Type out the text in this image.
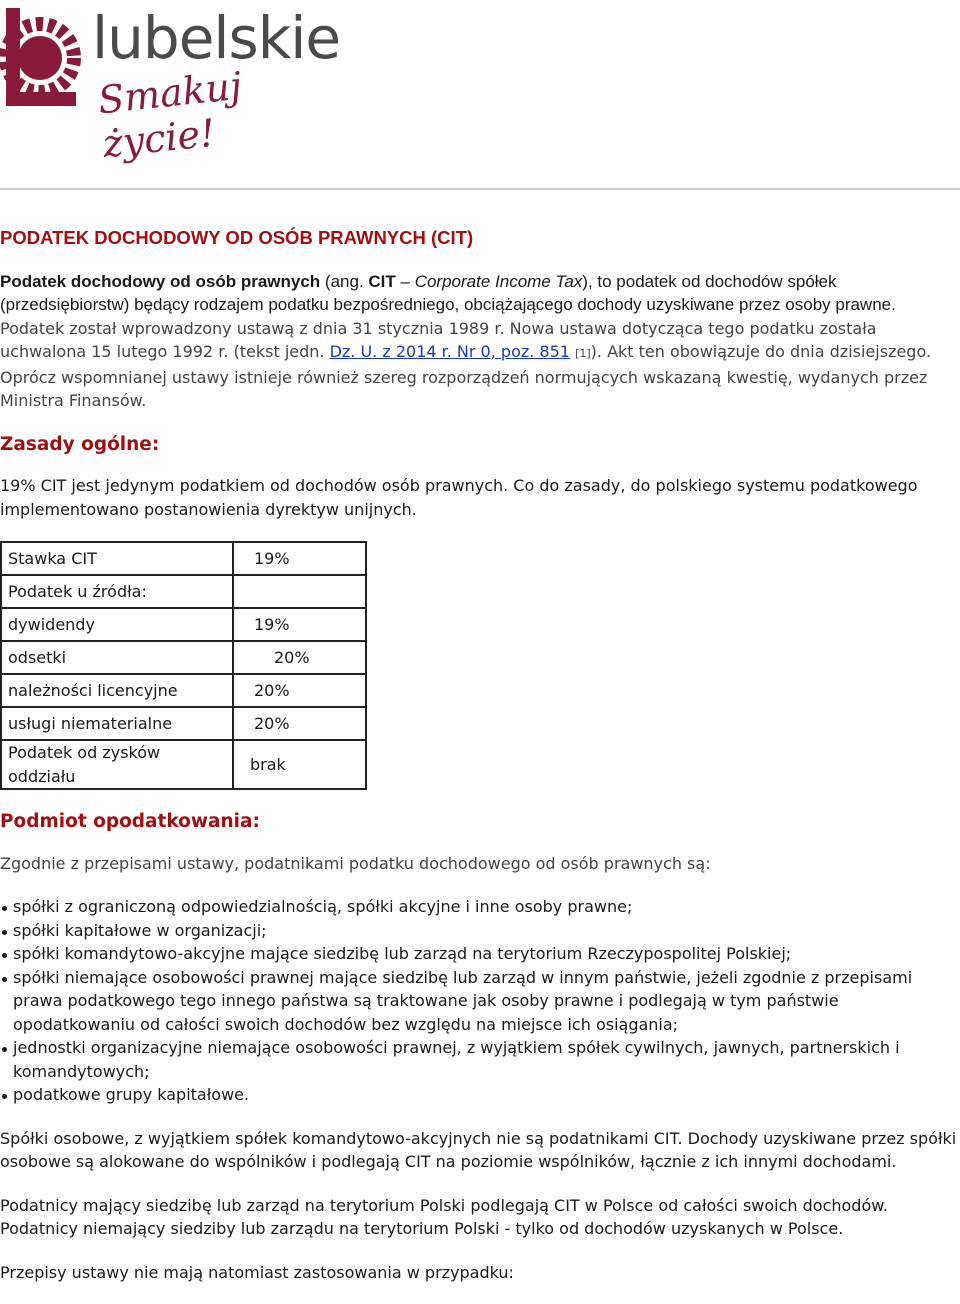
lubelskie
Smakuj życie!
PODATEK DOCHODOWY OD OSÓB PRAWNYCH (CIT)

Podatek dochodowy od osób prawnych (ang. CIT – Corporate Income Tax), to podatek od dochodów spółek (przedsiębiorstw) będący rodzajem podatku bezpośredniego, obciążającego dochody uzyskiwane przez osoby prawne. Podatek został wprowadzony ustawą z dnia 31 stycznia 1989 r. Nowa ustawa dotycząca tego podatku została uchwalona 15 lutego 1992 r. (tekst jedn. Dz. U. z 2014 r. Nr 0, poz. 851 [1]). Akt ten obowiązuje do dnia dzisiejszego. Oprócz wspomnianej ustawy istnieje również szereg rozporządzeń normujących wskazaną kwestię, wydanych przez Ministra Finansów.

Zasady ogólne:

19% CIT jest jedynym podatkiem od dochodów osób prawnych. Co do zasady, do polskiego systemu podatkowego implementowano postanowienia dyrektyw unijnych.

Stawka CIT	19%
Podatek u źródła:	
dywidendy	19%
odsetki	20%
należności licencyjne	20%
usługi niematerialne	20%
Podatek od zysków oddziału	brak
Podmiot opodatkowania:

Zgodnie z przepisami ustawy, podatnikami podatku dochodowego od osób prawnych są:

spółki z ograniczoną odpowiedzialnością, spółki akcyjne i inne osoby prawne;
spółki kapitałowe w organizacji;
spółki komandytowo-akcyjne mające siedzibę lub zarząd na terytorium Rzeczypospolitej Polskiej;
spółki niemające osobowości prawnej mające siedzibę lub zarząd w innym państwie, jeżeli zgodnie z przepisami prawa podatkowego tego innego państwa są traktowane jak osoby prawne i podlegają w tym państwie opodatkowaniu od całości swoich dochodów bez względu na miejsce ich osiągania;
jednostki organizacyjne niemające osobowości prawnej, z wyjątkiem spółek cywilnych, jawnych, partnerskich i komandytowych;
podatkowe grupy kapitałowe.

Spółki osobowe, z wyjątkiem spółek komandytowo-akcyjnych nie są podatnikami CIT. Dochody uzyskiwane przez spółki osobowe są alokowane do wspólników i podlegają CIT na poziomie wspólników, łącznie z ich innymi dochodami.

Podatnicy mający siedzibę lub zarząd na terytorium Polski podlegają CIT w Polsce od całości swoich dochodów. Podatnicy niemający siedziby lub zarządu na terytorium Polski - tylko od dochodów uzyskanych w Polsce.

Przepisy ustawy nie mają natomiast zastosowania w przypadku:
